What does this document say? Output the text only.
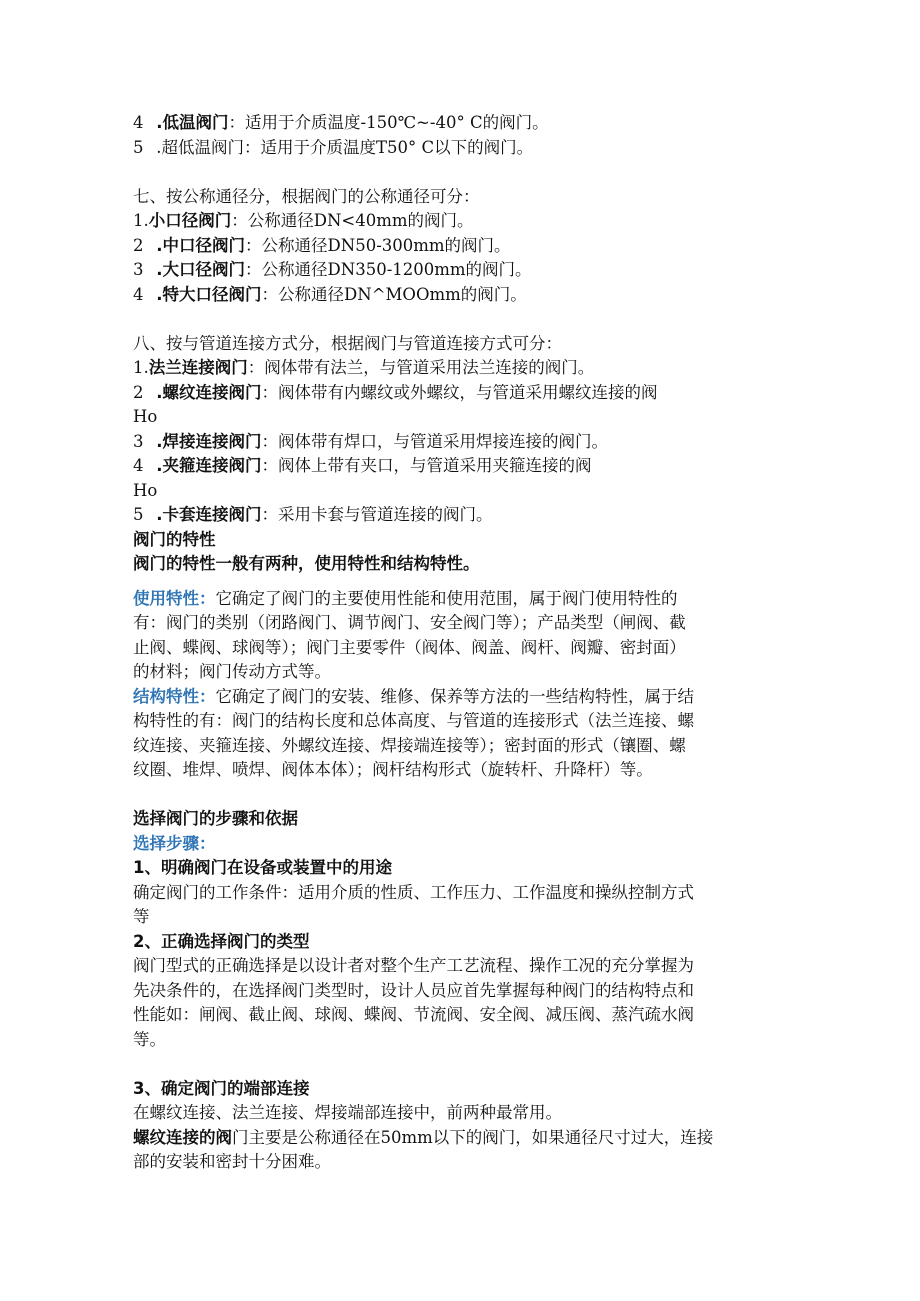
4 .低温阀门：适用于介质温度-150℃~-40° C的阀门。
5 .超低温阀门：适用于介质温度T50° C以下的阀门。
七、按公称通径分，根据阀门的公称通径可分：
1.小口径阀门：公称通径DN<40mm的阀门。
2 .中口径阀门：公称通径DN50-300mm的阀门。
3 .大口径阀门：公称通径DN350-1200mm的阀门。
4 .特大口径阀门：公称通径DN^MOOmm的阀门。
八、按与管道连接方式分，根据阀门与管道连接方式可分：
1.法兰连接阀门：阀体带有法兰，与管道采用法兰连接的阀门。
2 .螺纹连接阀门：阀体带有内螺纹或外螺纹，与管道采用螺纹连接的阀
Ho
3 .焊接连接阀门：阀体带有焊口，与管道采用焊接连接的阀门。
4 .夹箍连接阀门：阀体上带有夹口，与管道采用夹箍连接的阀
Ho
5 .卡套连接阀门：采用卡套与管道连接的阀门。
阀门的特性
阀门的特性一般有两种，使用特性和结构特性。
使用特性：它确定了阀门的主要使用性能和使用范围，属于阀门使用特性的
有：阀门的类别（闭路阀门、调节阀门、安全阀门等）；产品类型（闸阀、截
止阀、蝶阀、球阀等）；阀门主要零件（阀体、阀盖、阀杆、阀瓣、密封面）
的材料；阀门传动方式等。
结构特性：它确定了阀门的安装、维修、保养等方法的一些结构特性，属于结
构特性的有：阀门的结构长度和总体高度、与管道的连接形式（法兰连接、螺
纹连接、夹箍连接、外螺纹连接、焊接端连接等）；密封面的形式（镶圈、螺
纹圈、堆焊、喷焊、阀体本体）；阀杆结构形式（旋转杆、升降杆）等。
选择阀门的步骤和依据
选择步骤：
1、明确阀门在设备或装置中的用途
确定阀门的工作条件：适用介质的性质、工作压力、工作温度和操纵控制方式
等
2、正确选择阀门的类型
阀门型式的正确选择是以设计者对整个生产工艺流程、操作工况的充分掌握为
先决条件的，在选择阀门类型时，设计人员应首先掌握每种阀门的结构特点和
性能如：闸阀、截止阀、球阀、蝶阀、节流阀、安全阀、减压阀、蒸汽疏水阀
等。
3、确定阀门的端部连接
在螺纹连接、法兰连接、焊接端部连接中，前两种最常用。
螺纹连接的阀门主要是公称通径在50mm以下的阀门，如果通径尺寸过大，连接
部的安装和密封十分困难。
